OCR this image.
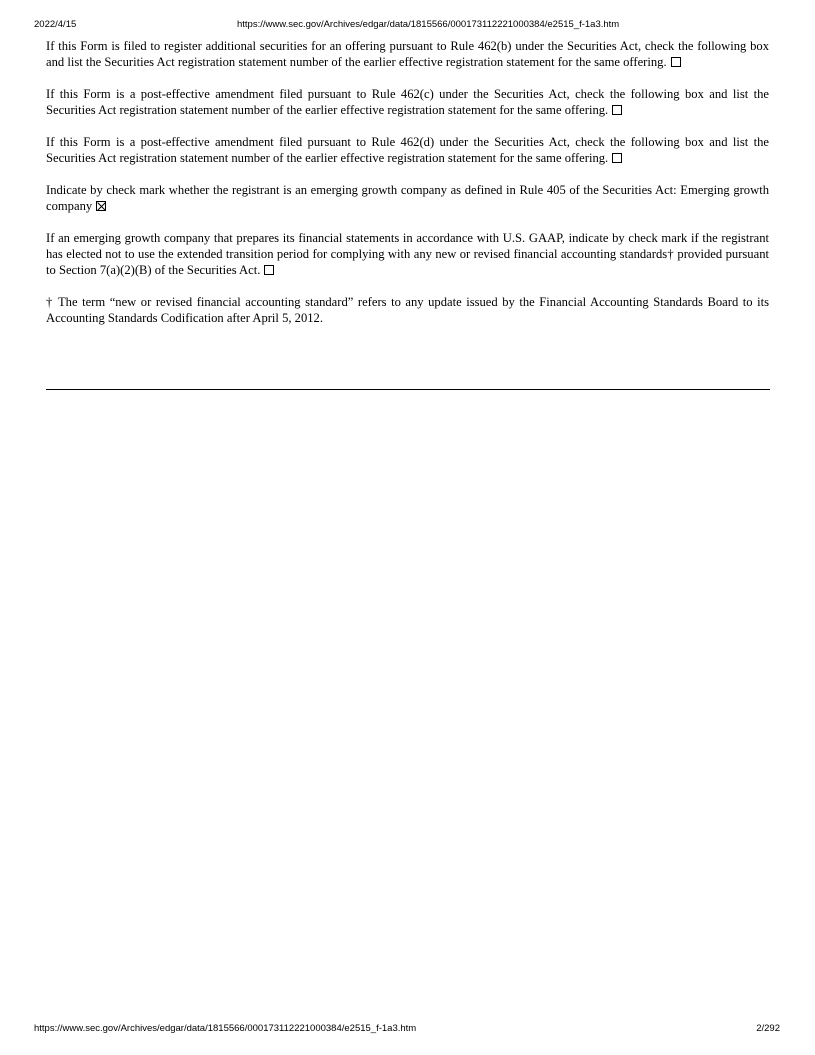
2022/4/15	https://www.sec.gov/Archives/edgar/data/1815566/000173112221000384/e2515_f-1a3.htm

If this Form is filed to register additional securities for an offering pursuant to Rule 462(b) under the Securities Act, check the following box and list the Securities Act registration statement number of the earlier effective registration statement for the same offering.

If this Form is a post-effective amendment filed pursuant to Rule 462(c) under the Securities Act, check the following box and list the Securities Act registration statement number of the earlier effective registration statement for the same offering.

If this Form is a post-effective amendment filed pursuant to Rule 462(d) under the Securities Act, check the following box and list the Securities Act registration statement number of the earlier effective registration statement for the same offering.

Indicate by check mark whether the registrant is an emerging growth company as defined in Rule 405 of the Securities Act: Emerging growth company

If an emerging growth company that prepares its financial statements in accordance with U.S. GAAP, indicate by check mark if the registrant has elected not to use the extended transition period for complying with any new or revised financial accounting standards† provided pursuant to Section 7(a)(2)(B) of the Securities Act.

† The term “new or revised financial accounting standard” refers to any update issued by the Financial Accounting Standards Board to its Accounting Standards Codification after April 5, 2012.

https://www.sec.gov/Archives/edgar/data/1815566/000173112221000384/e2515_f-1a3.htm	2/292
